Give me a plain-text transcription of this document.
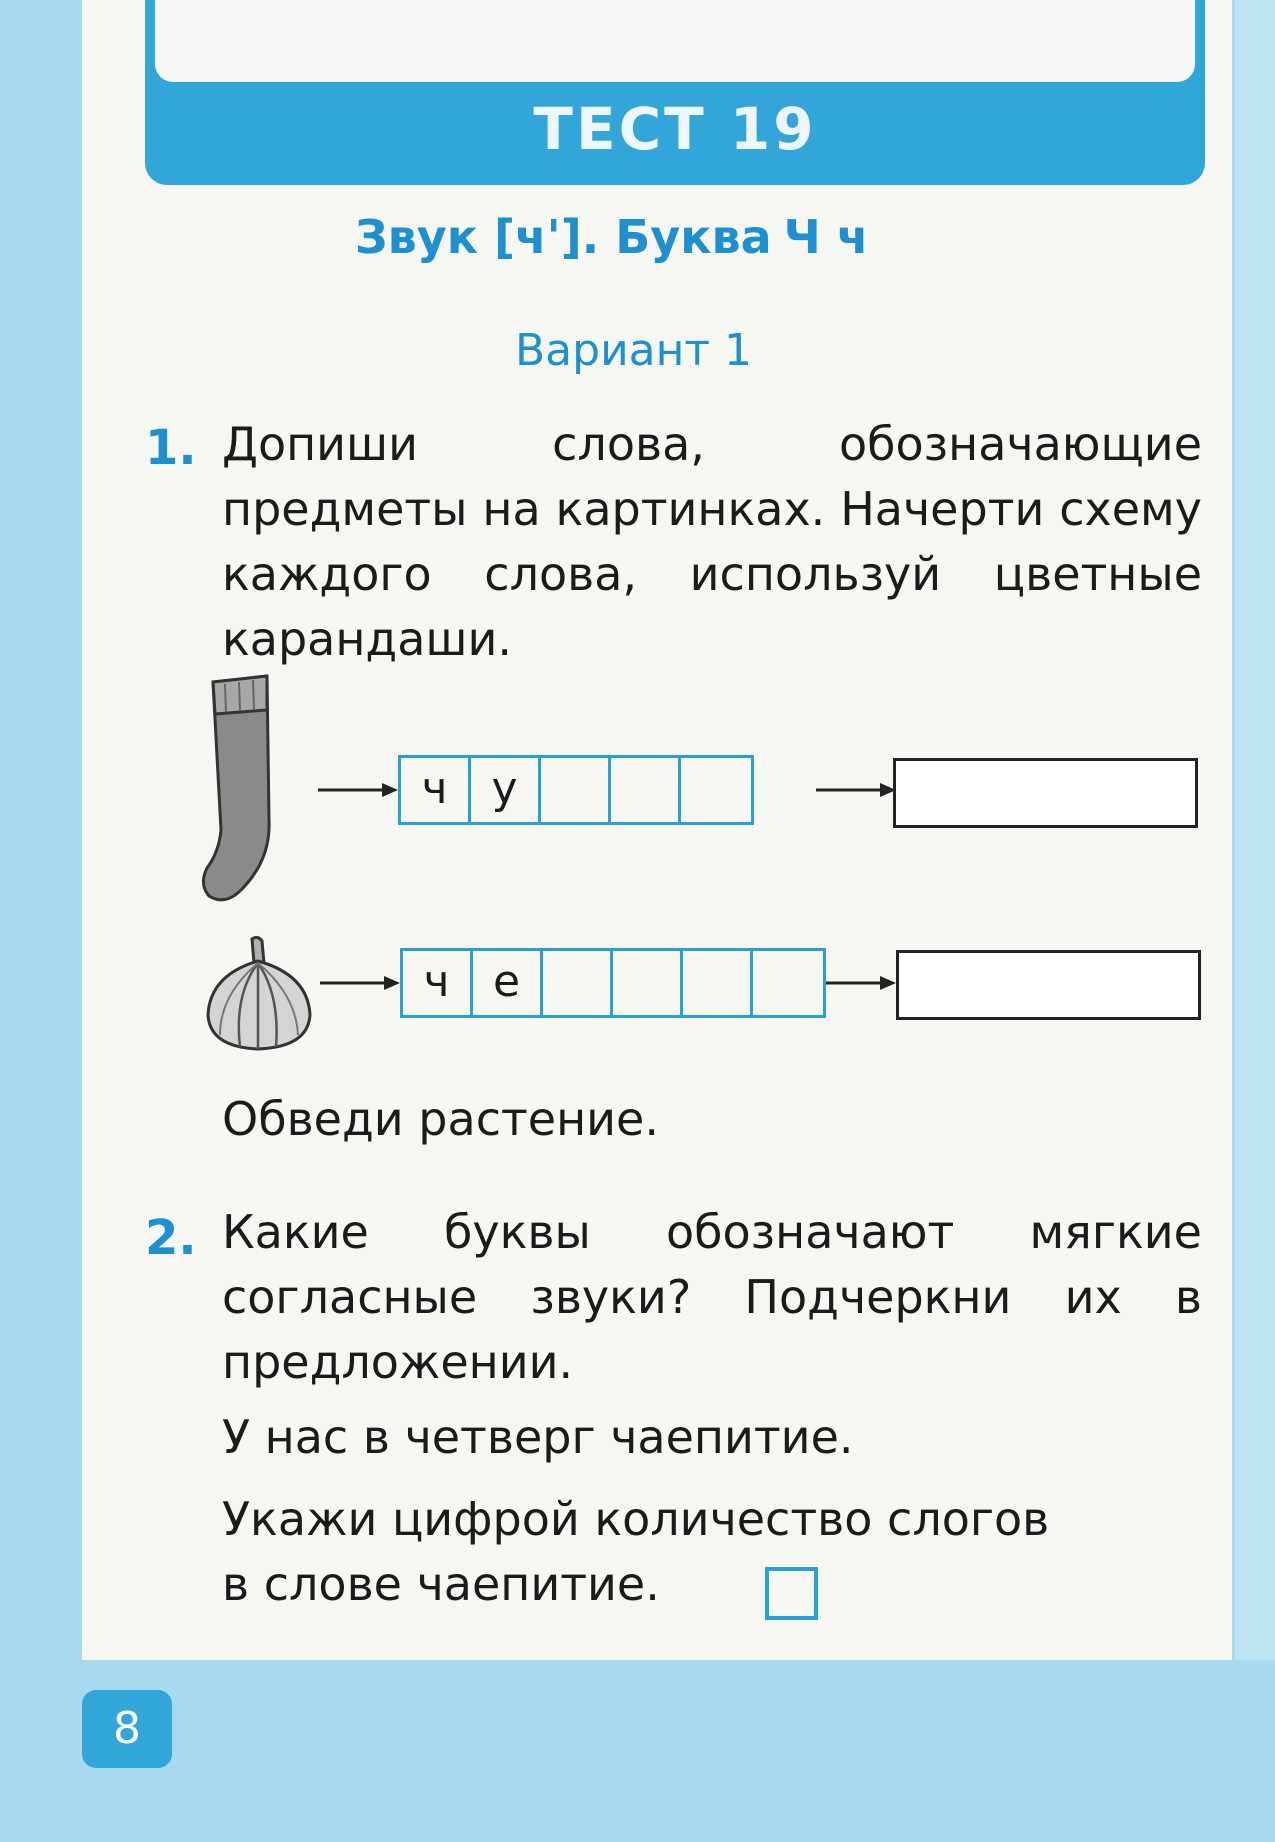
ТЕСТ 19
Звук [ч']. Буква Ч ч
Вариант 1
1. Допиши слова, обозначающие предметы на картинках. Начерти схему каждого слова, используй цветные карандаши.
ч у
ч е
Обведи растение.
2. Какие буквы обозначают мягкие согласные звуки? Подчеркни их в предложении.
У нас в четверг чаепитие.
Укажи цифрой количество слогов
в слове чаепитие.
8
